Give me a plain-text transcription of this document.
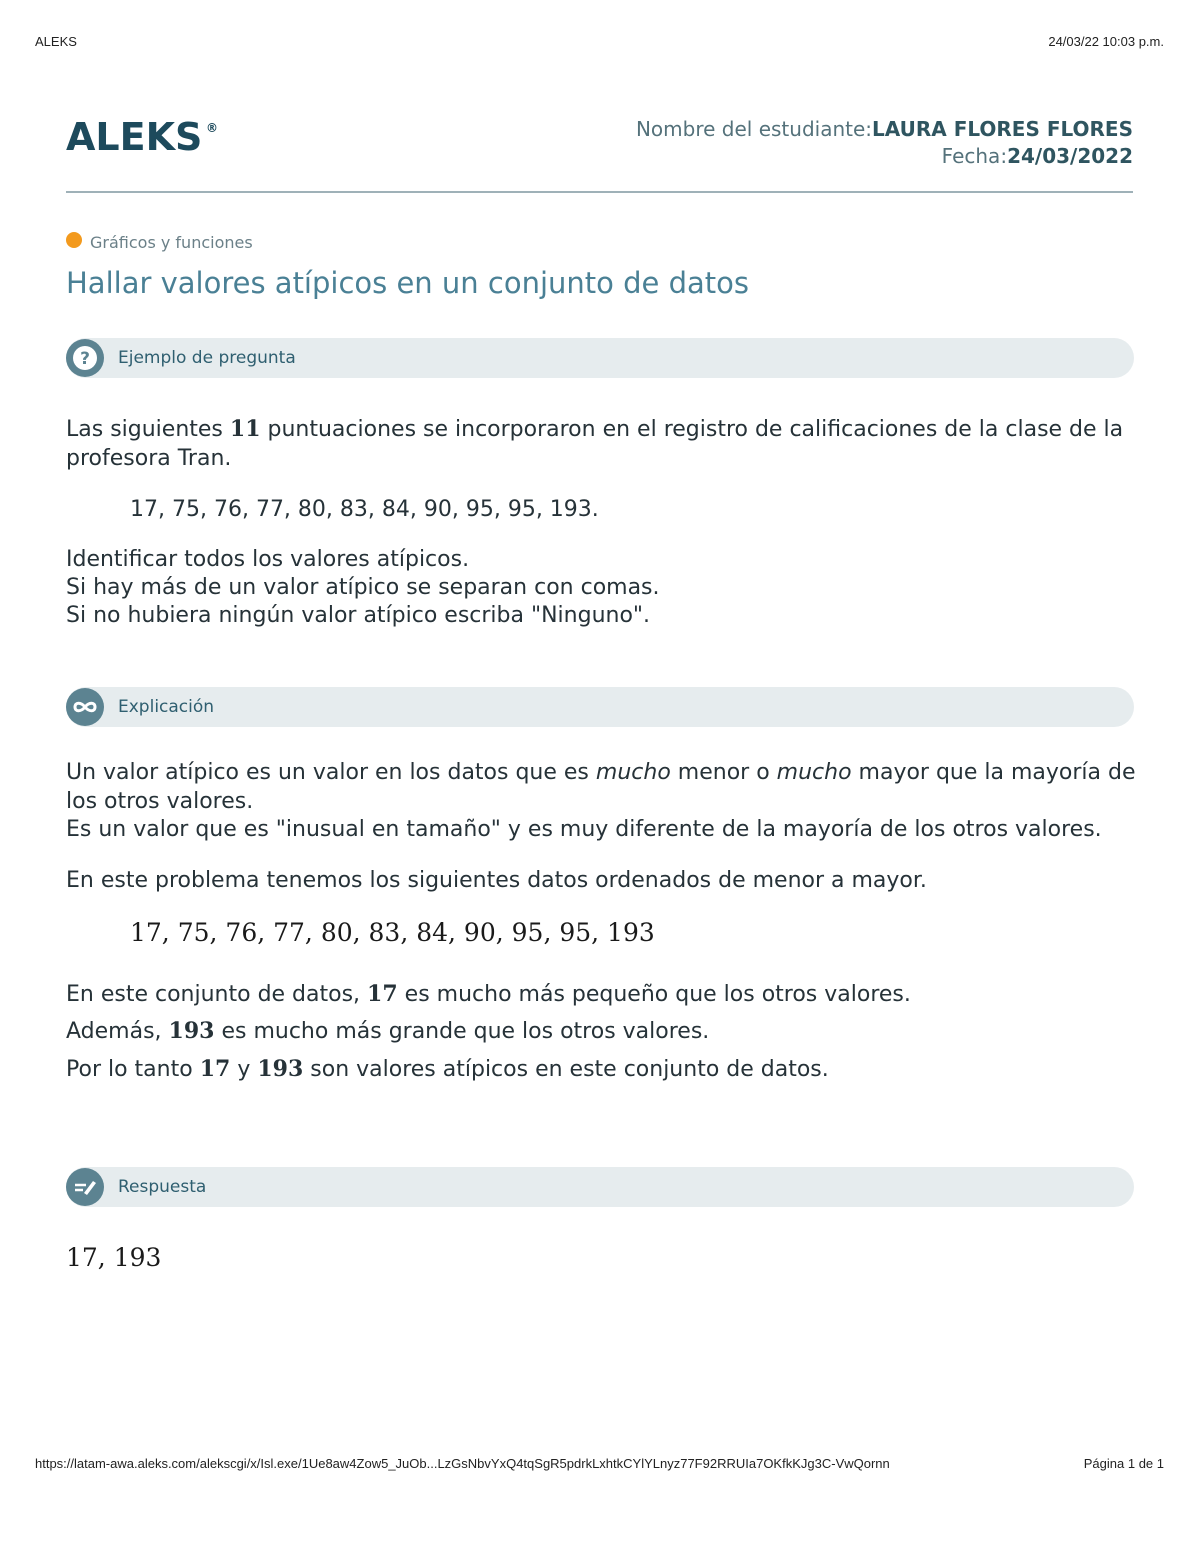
ALEKS	24/03/22 10:03 p.m.
ALEKS ®	Nombre del estudiante:LAURA FLORES FLORES
Fecha:24/03/2022
Gráficos y funciones
Hallar valores atípicos en un conjunto de datos
? Ejemplo de pregunta

Las siguientes 11 puntuaciones se incorporaron en el registro de calificaciones de la clase de la profesora Tran.

17, 75, 76, 77, 80, 83, 84, 90, 95, 95, 193.

Identificar todos los valores atípicos.

Si hay más de un valor atípico se separan con comas.

Si no hubiera ningún valor atípico escriba "Ninguno".

Explicación

Un valor atípico es un valor en los datos que es mucho menor o mucho mayor que la mayoría de los otros valores.

Es un valor que es "inusual en tamaño" y es muy diferente de la mayoría de los otros valores.

En este problema tenemos los siguientes datos ordenados de menor a mayor.

17, 75, 76, 77, 80, 83, 84, 90, 95, 95, 193

En este conjunto de datos, 17 es mucho más pequeño que los otros valores.

Además, 193 es mucho más grande que los otros valores.

Por lo tanto 17 y 193 son valores atípicos en este conjunto de datos.

Respuesta
17, 193
https://latam-awa.aleks.com/alekscgi/x/Isl.exe/1Ue8aw4Zow5_JuOb...LzGsNbvYxQ4tqSgR5pdrkLxhtkCYlYLnyz77F92RRUIa7OKfkKJg3C-VwQornn	Página 1 de 1
